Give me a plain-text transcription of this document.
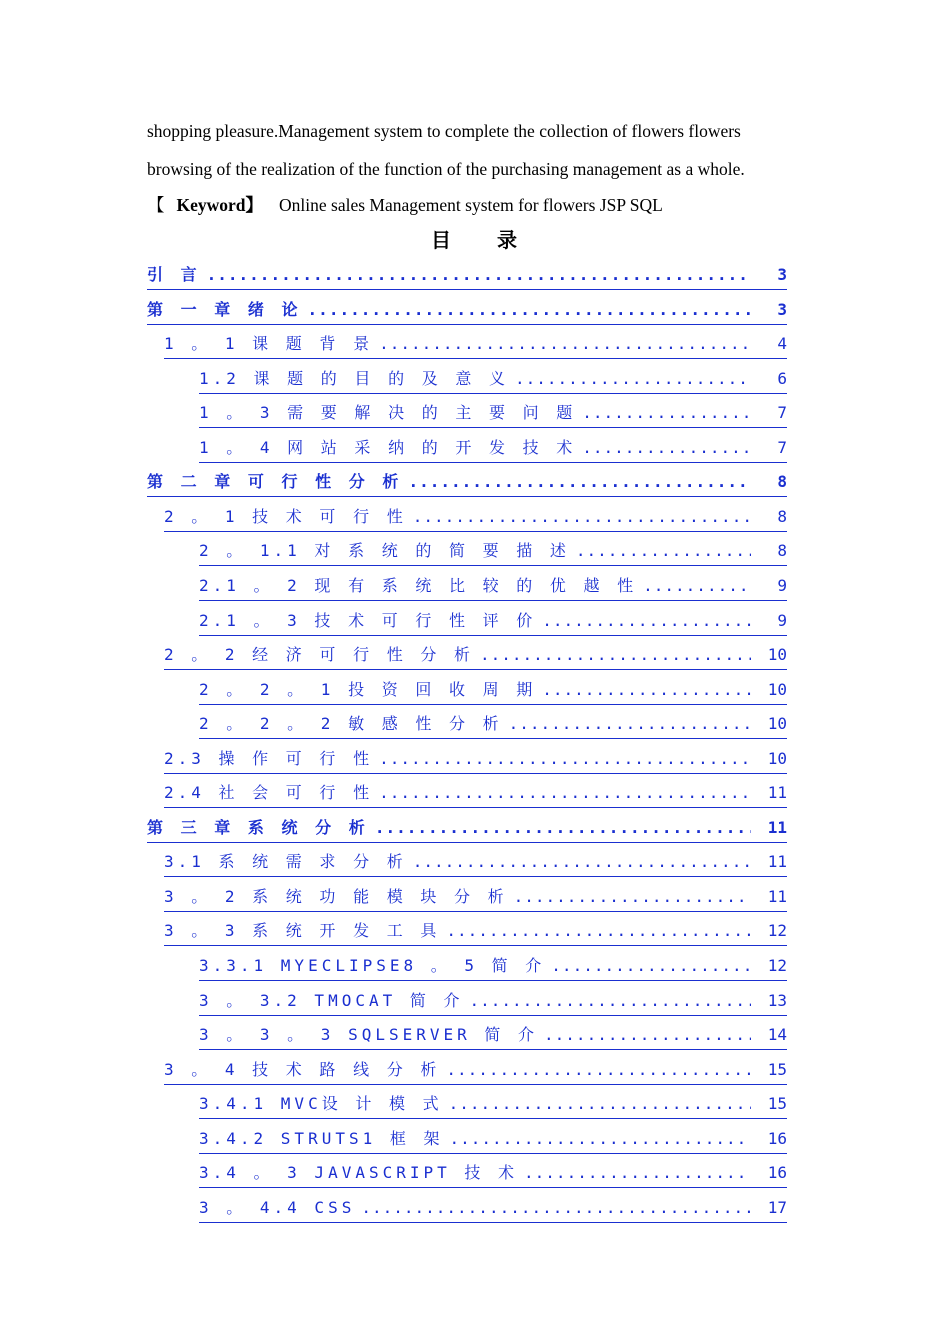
shopping pleasure.Management system to complete the collection of flowers flowers
browsing of the realization of the function of the purchasing management as a whole.
【 Keyword】 Online sales Management system for flowers JSP SQL
目 录
引 言 .....	3
第 一 章 绪 论 .....	3
1 。 1 课 题 背 景 .....	4
1.2 课 题 的 目 的 及 意 义 .....	6
1 。 3 需 要 解 决 的 主 要 问 题 .....	7
1 。 4 网 站 采 纳 的 开 发 技 术 .....	7
第 二 章 可 行 性 分 析 .....	8
2 。 1 技 术 可 行 性 .....	8
2 。 1.1 对 系 统 的 简 要 描 述 .....	8
2.1 。 2 现 有 系 统 比 较 的 优 越 性 .....	9
2.1 。 3 技 术 可 行 性 评 价 .....	9
2 。 2 经 济 可 行 性 分 析 .....	10
2 。 2 。 1 投 资 回 收 周 期 .....	10
2 。 2 。 2 敏 感 性 分 析 .....	10
2.3 操 作 可 行 性 .....	10
2.4 社 会 可 行 性 .....	11
第 三 章 系 统 分 析 .....	11
3.1 系 统 需 求 分 析 .....	11
3 。 2 系 统 功 能 模 块 分 析 .....	11
3 。 3 系 统 开 发 工 具 .....	12
3.3.1 MYECLIPSE8 。 5 简 介 .....	12
3 。 3.2 TMOCAT 简 介 .....	13
3 。 3 。 3 SQLSERVER 简 介 .....	14
3 。 4 技 术 路 线 分 析 .....	15
3.4.1 MVC设 计 模 式 .....	15
3.4.2 STRUTS1 框 架 .....	16
3.4 。 3 JAVASCRIPT 技 术 .....	16
3 。 4.4 CSS .....	17
